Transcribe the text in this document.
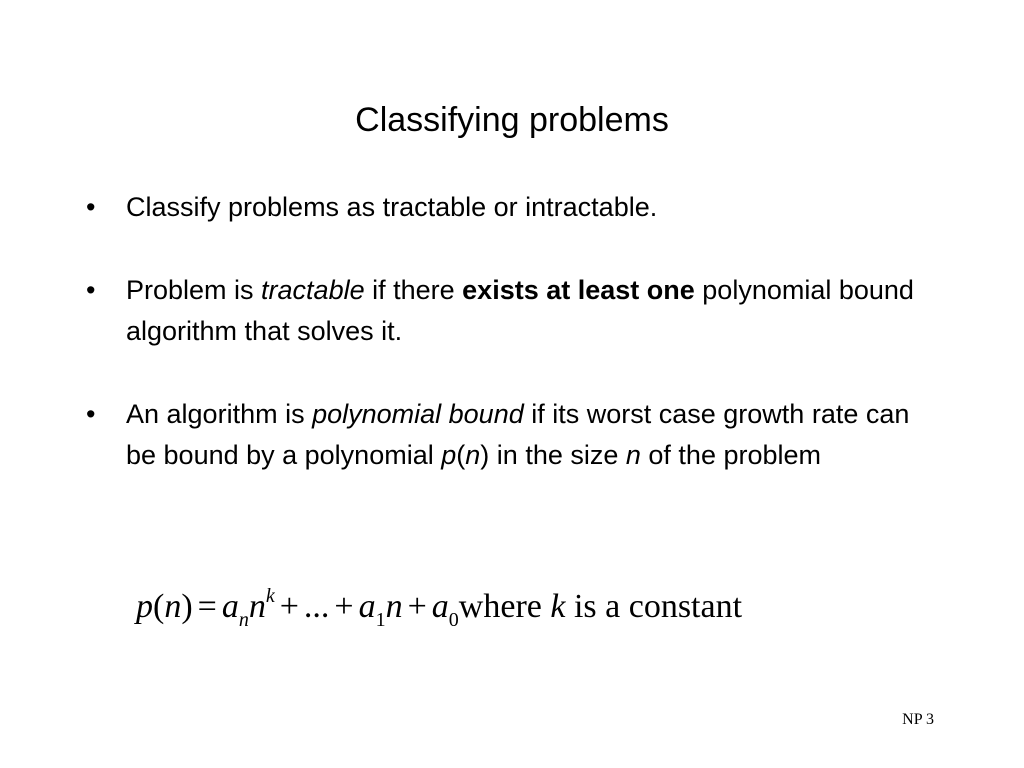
Classifying problems
•	Classify problems as tractable or intractable.
•	Problem is tractable if there exists at least one polynomial bound algorithm that solves it.
•	An algorithm is polynomial bound if its worst case growth rate can be bound by a polynomial p(n) in the size n of the problem
$p(n) = a_nn^k$ + ... + $a_1n$ + $a_0where$ k is a constant
NP 3
